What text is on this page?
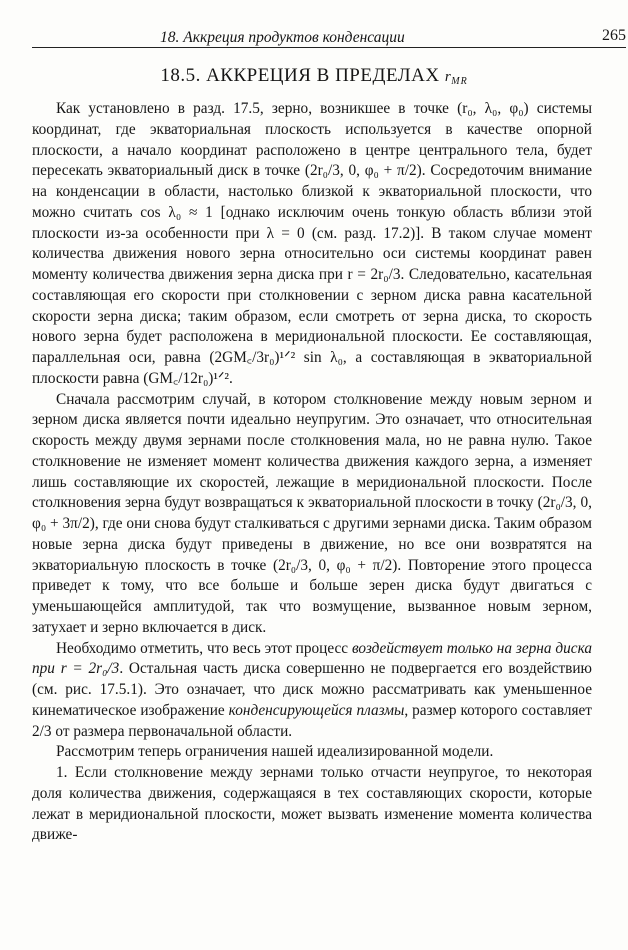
18. Аккреция продуктов конденсации	265
18.5. АККРЕЦИЯ В ПРЕДЕЛАХ rMR

Как установлено в разд. 17.5, зерно, возникшее в точке (r₀, λ₀, φ₀) системы координат, где экваториальная плоскость используется в качестве опорной плоскости, а начало координат расположено в центре центрального тела, будет пересекать экваториальный диск в точке (2r₀/3, 0, φ₀ + π/2). Сосредоточим внимание на конденсации в области, настолько близкой к экваториальной плоскости, что можно считать cos λ₀ ≈ 1 [однако исключим очень тонкую область вблизи этой плоскости из-за особенности при λ = 0 (см. разд. 17.2)]. В таком случае момент количества движения нового зерна относительно оси системы координат равен моменту количества движения зерна диска при r = 2r₀/3. Следовательно, касательная составляющая его скорости при столкновении с зерном диска равна касательной скорости зерна диска; таким образом, если смотреть от зерна диска, то скорость нового зерна будет расположена в меридиональной плоскости. Ее составляющая, параллельная оси, равна (2GM꜀/3r₀)¹ᐟ² sin λ₀, а составляющая в экваториальной плоскости равна (GM꜀/12r₀)¹ᐟ².

Сначала рассмотрим случай, в котором столкновение между новым зерном и зерном диска является почти идеально неупругим. Это означает, что относительная скорость между двумя зернами после столкновения мала, но не равна нулю. Такое столкновение не изменяет момент количества движения каждого зерна, а изменяет лишь составляющие их скоростей, лежащие в меридиональной плоскости. После столкновения зерна будут возвращаться к экваториальной плоскости в точку (2r₀/3, 0, φ₀ + 3π/2), где они снова будут сталкиваться с другими зернами диска. Таким образом новые зерна диска будут приведены в движение, но все они возвратятся на экваториальную плоскость в точке (2r₀/3, 0, φ₀ + π/2). Повторение этого процесса приведет к тому, что все больше и больше зерен диска будут двигаться с уменьшающейся амплитудой, так что возмущение, вызванное новым зерном, затухает и зерно включается в диск.

Необходимо отметить, что весь этот процесс воздействует только на зерна диска при r = 2r₀/3. Остальная часть диска совершенно не подвергается его воздействию (см. рис. 17.5.1). Это означает, что диск можно рассматривать как уменьшенное кинематическое изображение конденсирующейся плазмы, размер которого составляет 2/3 от размера первоначальной области.

Рассмотрим теперь ограничения нашей идеализированной модели.

1. Если столкновение между зернами только отчасти неупругое, то некоторая доля количества движения, содержащаяся в тех составляющих скорости, которые лежат в меридиональной плоскости, может вызвать изменение момента количества движе-
